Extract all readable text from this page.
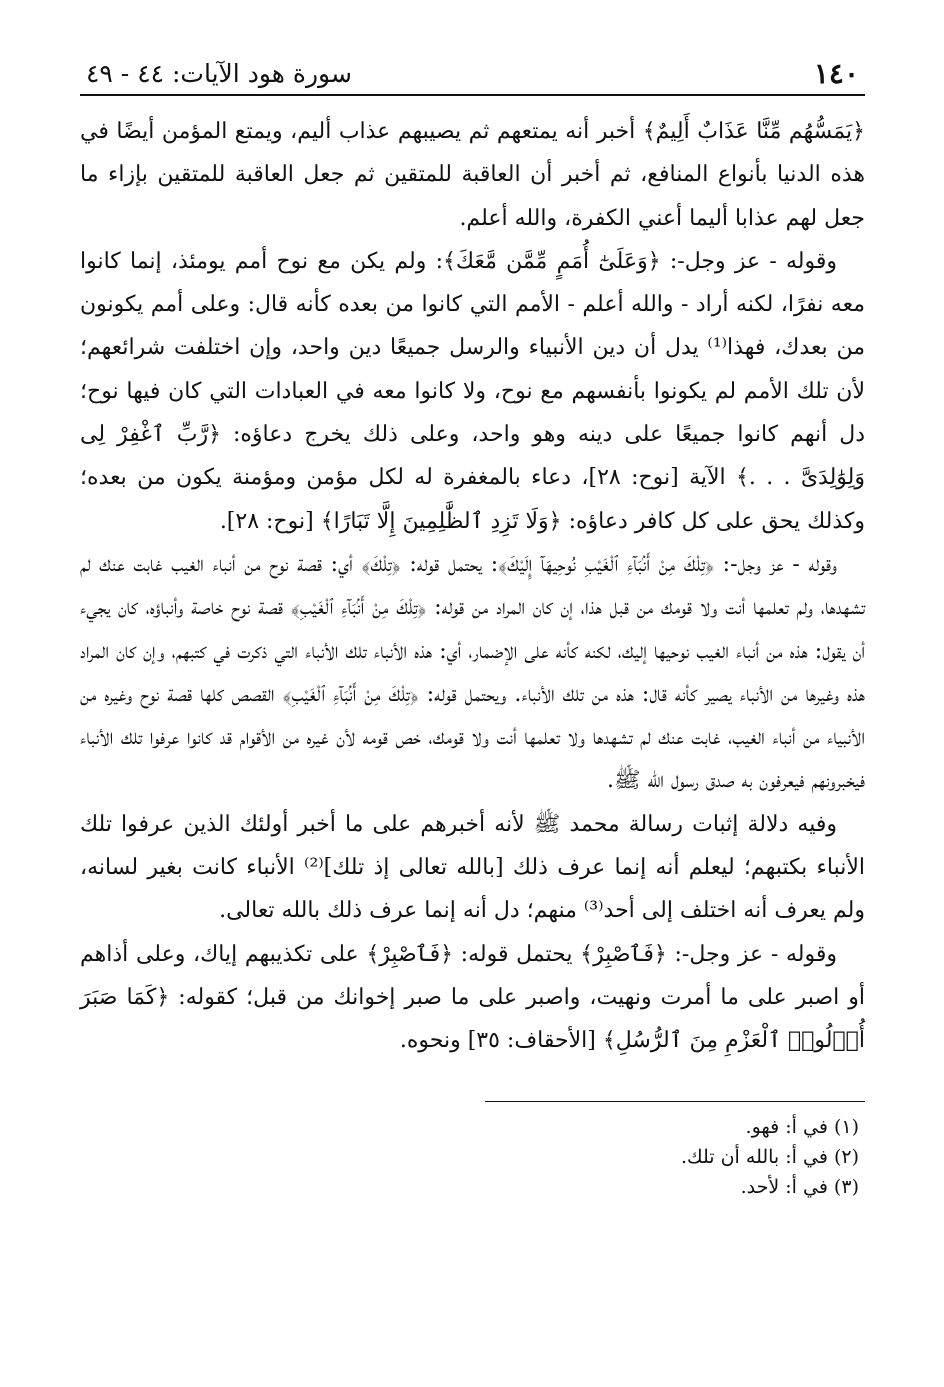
١٤٠
سورة هود الآيات: ٤٤ - ٤٩

﴿يَمَسُّهُم مِّنَّا عَذَابٌ أَلِيمٌ﴾ أخبر أنه يمتعهم ثم يصيبهم عذاب أليم، ويمتع المؤمن أيضًا في هذه الدنيا بأنواع المنافع، ثم أخبر أن العاقبة للمتقين ثم جعل العاقبة للمتقين بإزاء ما جعل لهم عذابا أليما أعني الكفرة، والله أعلم.

وقوله - عز وجل-: ﴿وَعَلَىٰٓ أُمَمٍ مِّمَّن مَّعَكَ﴾: ولم يكن مع نوح أمم يومئذ، إنما كانوا معه نفرًا، لكنه أراد - والله أعلم - الأمم التي كانوا من بعده كأنه قال: وعلى أمم يكونون من بعدك، فهذا⁽¹⁾ يدل أن دين الأنبياء والرسل جميعًا دين واحد، وإن اختلفت شرائعهم؛ لأن تلك الأمم لم يكونوا بأنفسهم مع نوح، ولا كانوا معه في العبادات التي كان فيها نوح؛ دل أنهم كانوا جميعًا على دينه وهو واحد، وعلى ذلك يخرج دعاؤه: ﴿رَّبِّ ٱغْفِرْ لِى وَلِوَٰلِدَىَّ . . .﴾ الآية [نوح: ٢٨]، دعاء بالمغفرة له لكل مؤمن ومؤمنة يكون من بعده؛ وكذلك يحق على كل كافر دعاؤه: ﴿وَلَا تَزِدِ ٱلظَّٰلِمِينَ إِلَّا تَبَارًا﴾ [نوح: ٢٨].

وقوله - عز وجل-: ﴿تِلْكَ مِنْ أَنۢبَآءِ ٱلْغَيْبِ نُوحِيهَآ إِلَيْكَ﴾: يحتمل قوله: ﴿تِلْكَ﴾ أي: قصة نوح من أنباء الغيب غابت عنك لم تشهدها، ولم تعلمها أنت ولا قومك من قبل هذا، إن كان المراد من قوله: ﴿تِلْكَ مِنْ أَنۢبَآءِ ٱلْغَيْبِ﴾ قصة نوح خاصة وأنباؤه، كان يجيء أن يقول: هذه من أنباء الغيب نوحيها إليك، لكنه كأنه على الإضمار، أي: هذه الأنباء تلك الأنباء التي ذكرت في كتبهم، وإن كان المراد هذه وغيرها من الأنباء يصير كأنه قال: هذه من تلك الأنباء. ويحتمل قوله: ﴿تِلْكَ مِنْ أَنۢبَآءِ ٱلْغَيْبِ﴾ القصص كلها قصة نوح وغيره من الأنبياء من أنباء الغيب، غابت عنك لم تشهدها ولا تعلمها أنت ولا قومك، خص قومه لأن غيره من الأقوام قد كانوا عرفوا تلك الأنباء فيخبرونهم فيعرفون به صدق رسول الله ﷺ.

وفيه دلالة إثبات رسالة محمد ﷺ لأنه أخبرهم على ما أخبر أولئك الذين عرفوا تلك الأنباء بكتبهم؛ ليعلم أنه إنما عرف ذلك [بالله تعالى إذ تلك]⁽²⁾ الأنباء كانت بغير لسانه، ولم يعرف أنه اختلف إلى أحد⁽³⁾ منهم؛ دل أنه إنما عرف ذلك بالله تعالى.

وقوله - عز وجل-: ﴿فَٱصْبِرْ﴾ يحتمل قوله: ﴿فَٱصْبِرْ﴾ على تكذيبهم إياك، وعلى أذاهم أو اصبر على ما أمرت ونهيت، واصبر على ما صبر إخوانك من قبل؛ كقوله: ﴿كَمَا صَبَرَ أُو۟لُوا۟ ٱلْعَزْمِ مِنَ ٱلرُّسُلِ﴾ [الأحقاف: ٣٥] ونحوه.

(١) في أ: فهو.
(٢) في أ: بالله أن تلك.
(٣) في أ: لأحد.
